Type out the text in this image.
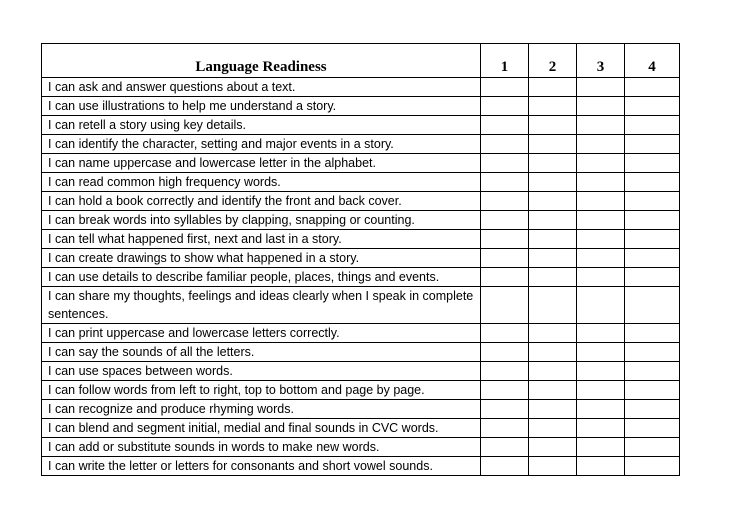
Language Readiness	1	2	3	4
I can ask and answer questions about a text.				
I can use illustrations to help me understand a story.				
I can retell a story using key details.				
I can identify the character, setting and major events in a story.				
I can name uppercase and lowercase letter in the alphabet.				
I can read common high frequency words.				
I can hold a book correctly and identify the front and back cover.				
I can break words into syllables by clapping, snapping or counting.				
I can tell what happened first, next and last in a story.				
I can create drawings to show what happened in a story.				
I can use details to describe familiar people, places, things and events.				
I can share my thoughts, feelings and ideas clearly when I speak in complete sentences.				
I can print uppercase and lowercase letters correctly.				
I can say the sounds of all the letters.				
I can use spaces between words.				
I can follow words from left to right, top to bottom and page by page.				
I can recognize and produce rhyming words.				
I can blend and segment initial, medial and final sounds in CVC words.				
I can add or substitute sounds in words to make new words.				
I can write the letter or letters for consonants and short vowel sounds.				
